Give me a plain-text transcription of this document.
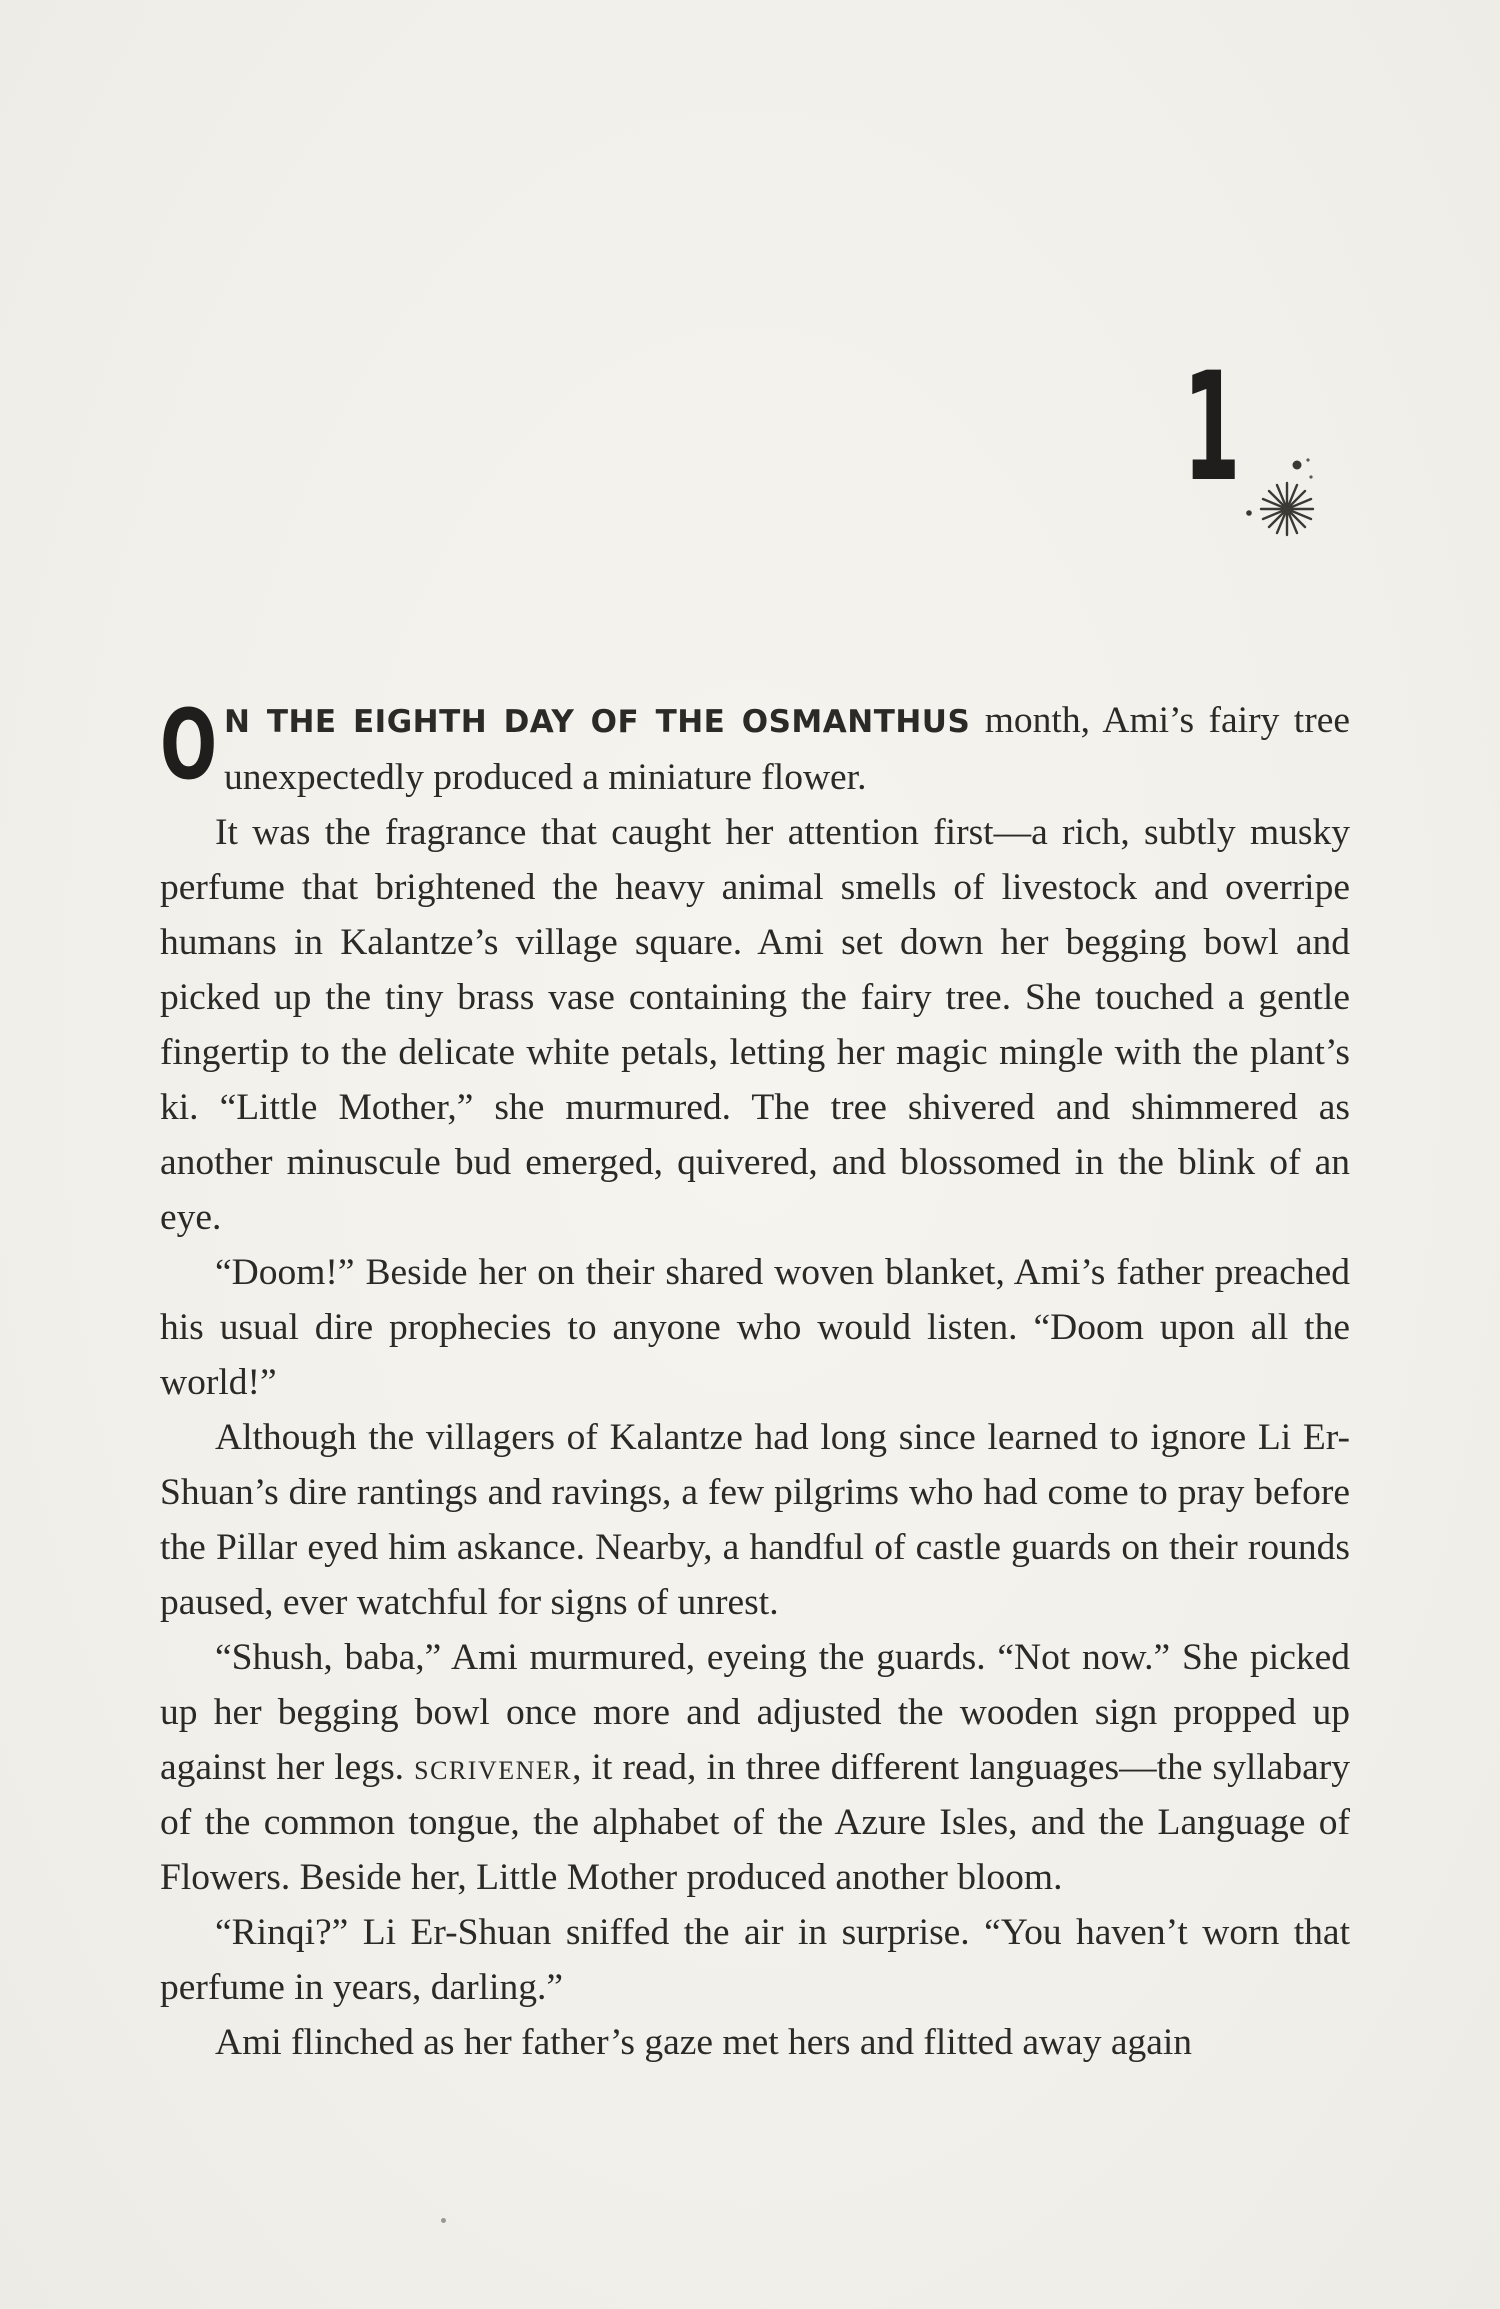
1

O N THE EIGHTH DAY OF THE OSMANTHUS month, Ami’s fairy tree unexpectedly produced a miniature flower.

It was the fragrance that caught her attention first—a rich, subtly musky perfume that brightened the heavy animal smells of livestock and overripe humans in Kalantze’s village square. Ami set down her begging bowl and picked up the tiny brass vase containing the fairy tree. She touched a gentle fingertip to the delicate white petals, letting her magic mingle with the plant’s ki. “Little Mother,” she murmured. The tree shivered and shimmered as another minuscule bud emerged, quivered, and blossomed in the blink of an eye.

“Doom!” Beside her on their shared woven blanket, Ami’s father preached his usual dire prophecies to anyone who would listen. “Doom upon all the world!”

Although the villagers of Kalantze had long since learned to ignore Li Er-Shuan’s dire rantings and ravings, a few pilgrims who had come to pray before the Pillar eyed him askance. Nearby, a handful of castle guards on their rounds paused, ever watchful for signs of unrest.

“Shush, baba,” Ami murmured, eyeing the guards. “Not now.” She picked up her begging bowl once more and adjusted the wooden sign propped up against her legs. scrivener, it read, in three different languages—the syllabary of the common tongue, the alphabet of the Azure Isles, and the Language of Flowers. Beside her, Little Mother produced another bloom.

“Rinqi?” Li Er-Shuan sniffed the air in surprise. “You haven’t worn that perfume in years, darling.”

Ami flinched as her father’s gaze met hers and flitted away again
